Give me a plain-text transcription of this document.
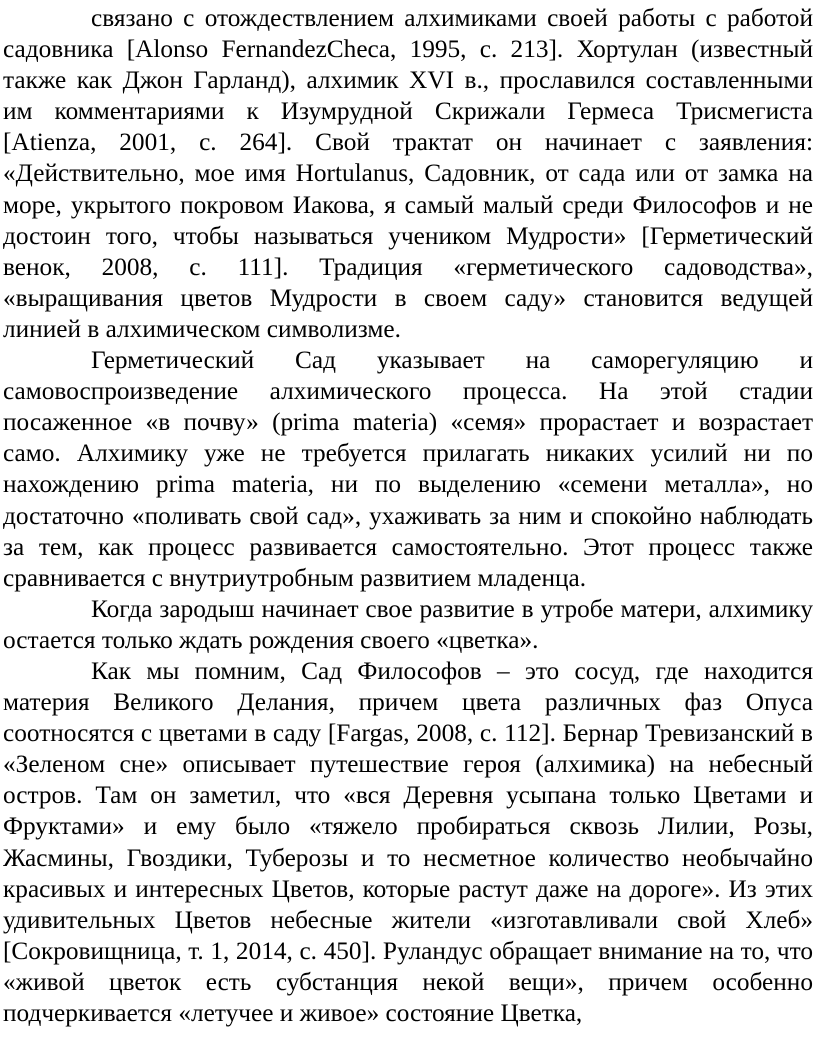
связано с отождествлением алхимиками своей работы с работой садовника [Alonso FernandezCheca, 1995, с. 213]. Хортулан (известный также как Джон Гарланд), алхимик XVI в., прославился составленными им комментариями к Изумрудной Скрижали Гермеса Трисмегиста [Atienza, 2001, с. 264]. Свой трактат он начинает с заявления: «Действительно, мое имя Hortulanus, Садовник, от сада или от замка на море, укрытого покровом Иакова, я самый малый среди Философов и не достоин того, чтобы называться учеником Мудрости» [Герметический венок, 2008, с. 111]. Традиция «герметического садоводства», «выращивания цветов Мудрости в своем саду» становится ведущей линией в алхимическом символизме.

Герметический Сад указывает на саморегуляцию и самовоспроизведение алхимического процесса. На этой стадии посаженное «в почву» (prima materia) «семя» прорастает и возрастает само. Алхимику уже не требуется прилагать никаких усилий ни по нахождению prima materia, ни по выделению «семени металла», но достаточно «поливать свой сад», ухаживать за ним и спокойно наблюдать за тем, как процесс развивается самостоятельно. Этот процесс также сравнивается с внутриутробным развитием младенца.

Когда зародыш начинает свое развитие в утробе матери, алхимику остается только ждать рождения своего «цветка».

Как мы помним, Сад Философов – это сосуд, где находится материя Великого Делания, причем цвета различных фаз Опуса соотносятся с цветами в саду [Fargas, 2008, с. 112]. Бернар Тревизанский в «Зеленом сне» описывает путешествие героя (алхимика) на небесный остров. Там он заметил, что «вся Деревня усыпана только Цветами и Фруктами» и ему было «тяжело пробираться сквозь Лилии, Розы, Жасмины, Гвоздики, Туберозы и то несметное количество необычайно красивых и интересных Цветов, которые растут даже на дороге». Из этих удивительных Цветов небесные жители «изготавливали свой Хлеб» [Сокровищница, т. 1, 2014, с. 450]. Руландус обращает внимание на то, что «живой цветок есть субстанция некой вещи», причем особенно подчеркивается «летучее и живое» состояние Цветка,
